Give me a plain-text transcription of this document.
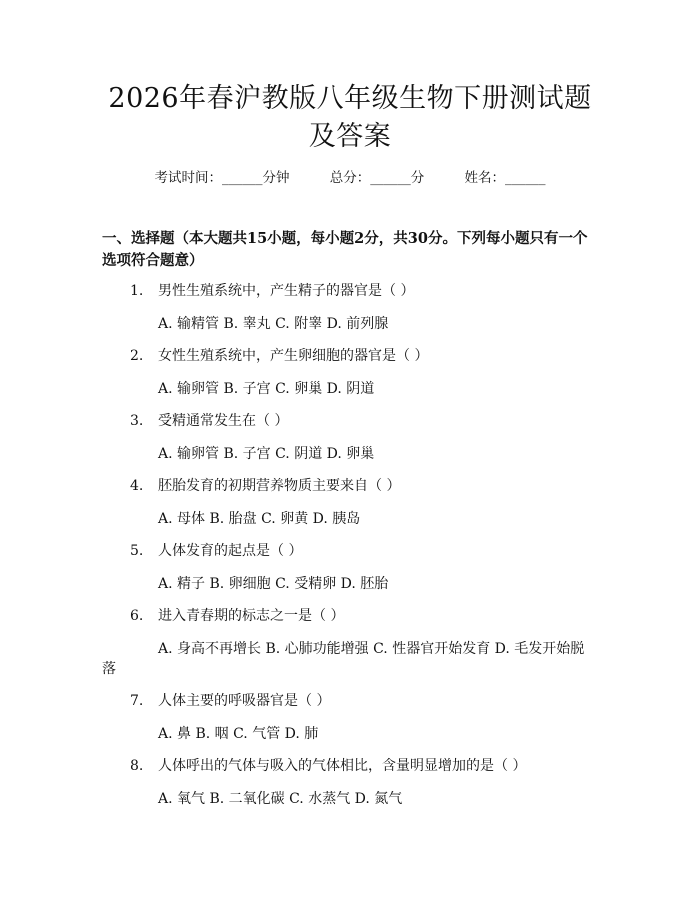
2026年春沪教版八年级生物下册测试题及答案
考试时间：______分钟	总分：______分	姓名：______
一、选择题（本大题共15小题，每小题2分，共30分。下列每小题只有一个选项符合题意）
1. 男性生殖系统中，产生精子的器官是（ ）
A. 输精管 B. 睾丸 C. 附睾 D. 前列腺
2. 女性生殖系统中，产生卵细胞的器官是（ ）
A. 输卵管 B. 子宫 C. 卵巢 D. 阴道
3. 受精通常发生在（ ）
A. 输卵管 B. 子宫 C. 阴道 D. 卵巢
4. 胚胎发育的初期营养物质主要来自（ ）
A. 母体 B. 胎盘 C. 卵黄 D. 胰岛
5. 人体发育的起点是（ ）
A. 精子 B. 卵细胞 C. 受精卵 D. 胚胎
6. 进入青春期的标志之一是（ ）
A. 身高不再增长 B. 心肺功能增强 C. 性器官开始发育 D. 毛发开始脱落
7. 人体主要的呼吸器官是（ ）
A. 鼻 B. 咽 C. 气管 D. 肺
8. 人体呼出的气体与吸入的气体相比，含量明显增加的是（ ）
A. 氧气 B. 二氧化碳 C. 水蒸气 D. 氮气
